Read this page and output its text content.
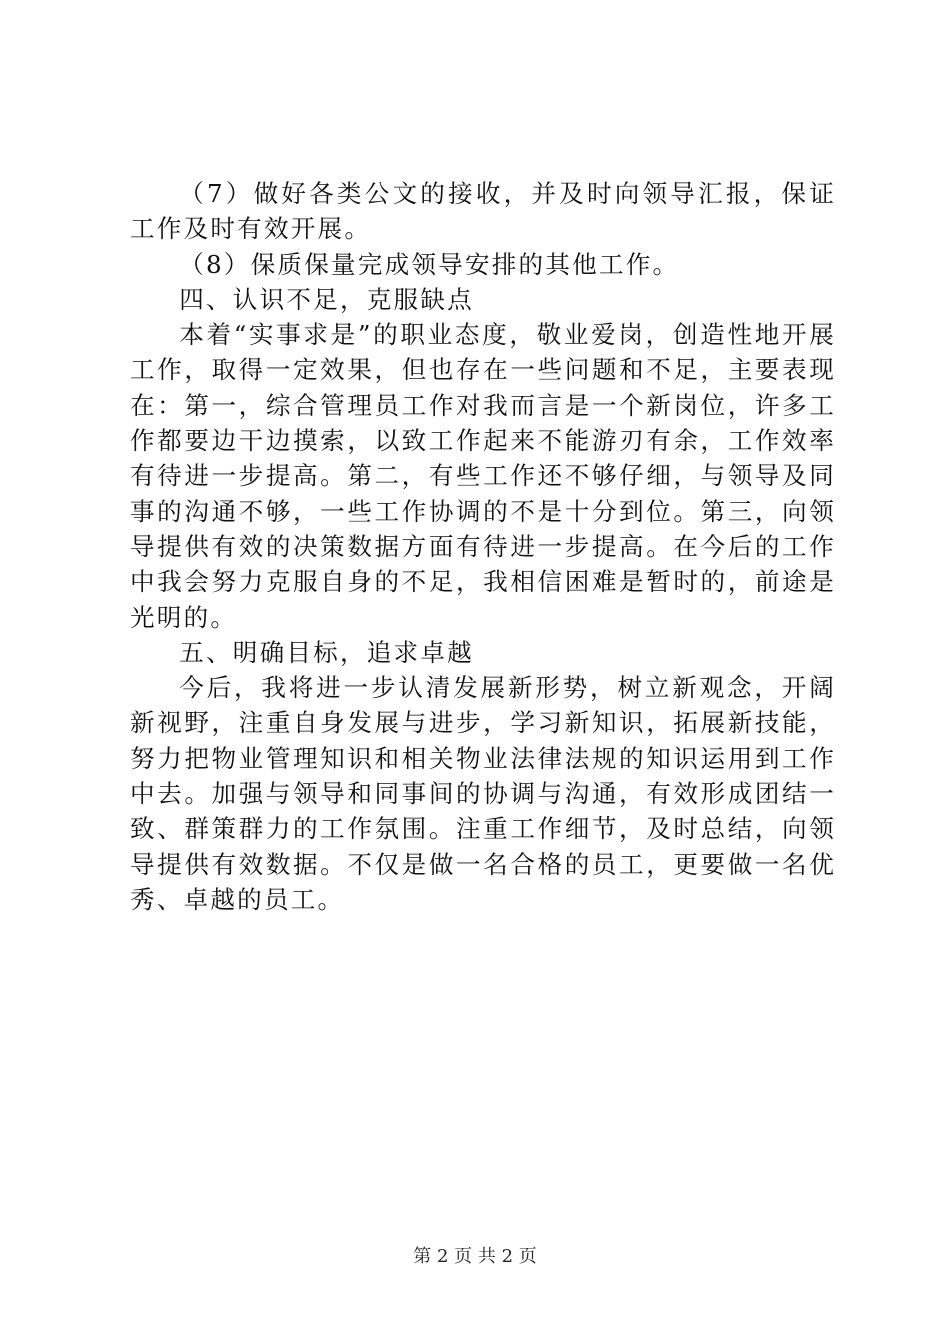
（7）做好各类公文的接收，并及时向领导汇报，保证工作及时有效开展。

（8）保质保量完成领导安排的其他工作。

四、认识不足，克服缺点

本着“实事求是”的职业态度，敬业爱岗，创造性地开展工作，取得一定效果，但也存在一些问题和不足，主要表现在：第一，综合管理员工作对我而言是一个新岗位，许多工作都要边干边摸索，以致工作起来不能游刃有余，工作效率有待进一步提高。第二，有些工作还不够仔细，与领导及同事的沟通不够，一些工作协调的不是十分到位。第三，向领导提供有效的决策数据方面有待进一步提高。在今后的工作中我会努力克服自身的不足，我相信困难是暂时的，前途是光明的。

五、明确目标，追求卓越

今后，我将进一步认清发展新形势，树立新观念，开阔新视野，注重自身发展与进步，学习新知识，拓展新技能，努力把物业管理知识和相关物业法律法规的知识运用到工作中去。加强与领导和同事间的协调与沟通，有效形成团结一致、群策群力的工作氛围。注重工作细节，及时总结，向领导提供有效数据。不仅是做一名合格的员工，更要做一名优秀、卓越的员工。

第 2 页 共 2 页
